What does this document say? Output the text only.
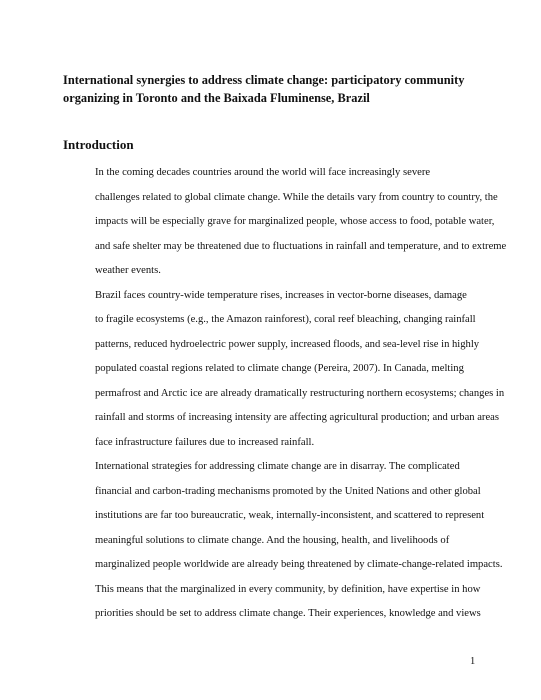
International synergies to address climate change: participatory community
organizing in Toronto and the Baixada Fluminense, Brazil
Introduction

In the coming decades countries around the world will face increasingly severe
challenges related to global climate change. While the details vary from country to country, the
impacts will be especially grave for marginalized people, whose access to food, potable water,
and safe shelter may be threatened due to fluctuations in rainfall and temperature, and to extreme
weather events.

Brazil faces country-wide temperature rises, increases in vector-borne diseases, damage
to fragile ecosystems (e.g., the Amazon rainforest), coral reef bleaching, changing rainfall
patterns, reduced hydroelectric power supply, increased floods, and sea-level rise in highly
populated coastal regions related to climate change (Pereira, 2007). In Canada, melting
permafrost and Arctic ice are already dramatically restructuring northern ecosystems; changes in
rainfall and storms of increasing intensity are affecting agricultural production; and urban areas
face infrastructure failures due to increased rainfall.

International strategies for addressing climate change are in disarray. The complicated
financial and carbon-trading mechanisms promoted by the United Nations and other global
institutions are far too bureaucratic, weak, internally-inconsistent, and scattered to represent
meaningful solutions to climate change. And the housing, health, and livelihoods of
marginalized people worldwide are already being threatened by climate-change-related impacts.
This means that the marginalized in every community, by definition, have expertise in how
priorities should be set to address climate change. Their experiences, knowledge and views

1
